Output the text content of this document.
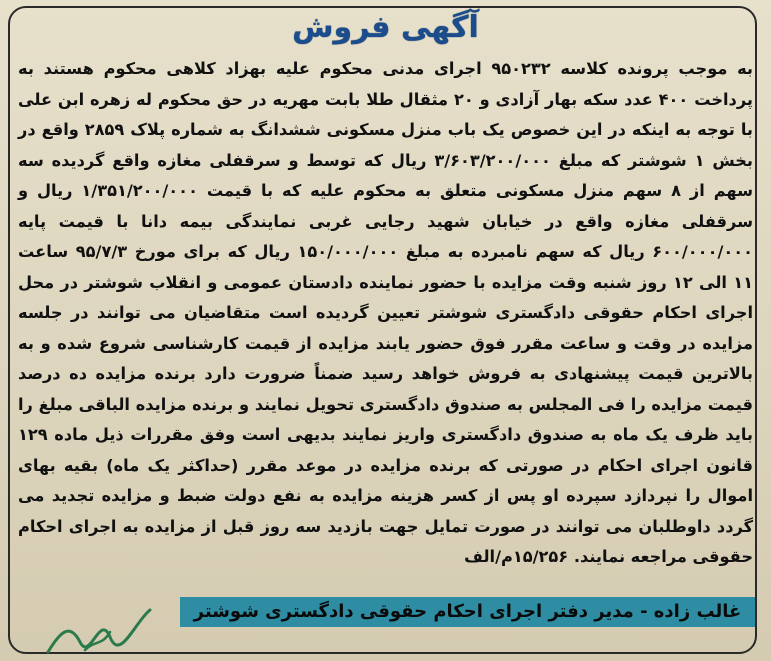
آگهی فروش
به موجب پرونده کلاسه ۹۵۰۲۳۲ اجرای مدنی محکوم علیه بهزاد کلاهی محکوم هستند به پرداخت ۴۰۰ عدد سکه بهار آزادی و ۲۰ مثقال طلا بابت مهریه در حق محکوم له زهره ابن علی با توجه به اینکه در این خصوص یک باب منزل مسکونی ششدانگ به شماره پلاک ۲۸۵۹ واقع در بخش ۱ شوشتر که مبلغ ۳/۶۰۳/۲۰۰/۰۰۰ ریال که توسط و سرقفلی مغازه واقع گردیده سه سهم از ۸ سهم منزل مسکونی متعلق به محکوم علیه که با قیمت ۱/۳۵۱/۲۰۰/۰۰۰ ریال و سرقفلی مغازه واقع در خیابان شهید رجایی غربی نمایندگی بیمه دانا با قیمت پایه ۶۰۰/۰۰۰/۰۰۰ ریال که سهم نامبرده به مبلغ ۱۵۰/۰۰۰/۰۰۰ ریال که برای مورخ ۹۵/۷/۳ ساعت ۱۱ الی ۱۲ روز شنبه وقت مزایده با حضور نماینده دادستان عمومی و انقلاب شوشتر در محل اجرای احکام حقوقی دادگستری شوشتر تعیین گردیده است متقاضیان می توانند در جلسه مزایده در وقت و ساعت مقرر فوق حضور یابند مزایده از قیمت کارشناسی شروع شده و به بالاترین قیمت پیشنهادی به فروش خواهد رسید ضمناً ضرورت دارد برنده مزایده ده درصد قیمت مزایده را فی المجلس به صندوق دادگستری تحویل نمایند و برنده مزایده الباقی مبلغ را باید ظرف یک ماه به صندوق دادگستری واریز نمایند بدیهی است وفق مقررات ذیل ماده ۱۲۹ قانون اجرای احکام در صورتی که برنده مزایده در موعد مقرر (حداکثر یک ماه) بقیه بهای اموال را نپردازد سپرده او پس از کسر هزینه مزایده به نفع دولت ضبط و مزایده تجدید می گردد داوطلبان می توانند در صورت تمایل جهت بازدید سه روز قبل از مزایده به اجرای احکام حقوقی مراجعه نمایند. ۱۵/۲۵۶م/الف
غالب زاده - مدیر دفتر اجرای احکام حقوقی دادگستری شوشتر
